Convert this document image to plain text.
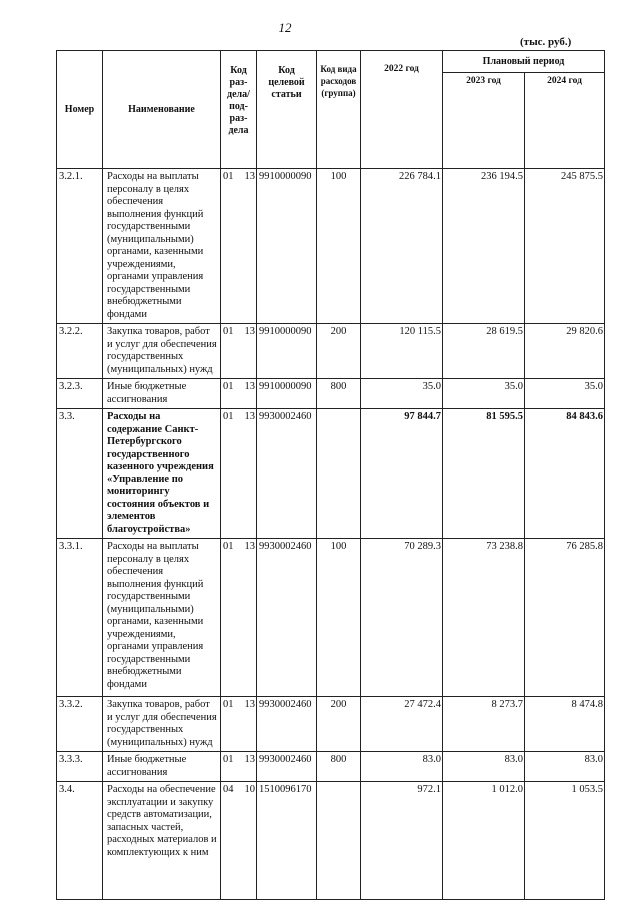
12
(тыс. руб.)
Номер	Наименование	Код раз-дела/ под-раз-дела	Код целевой статьи	Код вида расходов (группа)	2022 год	Плановый период	
						2023 год	2024 год
3.2.1.	Расходы на выплаты персоналу в целях обеспечения выполнения функций государственными (муниципальными) органами, казенными учреждениями, органами управления государственными внебюджетными фондами	01 13	9910000090	100	226 784.1	236 194.5	245 875.5
3.2.2.	Закупка товаров, работ и услуг для обеспечения государственных (муниципальных) нужд	01 13	9910000090	200	120 115.5	28 619.5	29 820.6
3.2.3.	Иные бюджетные ассигнования	01 13	9910000090	800	35.0	35.0	35.0
3.3.	Расходы на содержание Санкт-Петербургского государственного казенного учреждения «Управление по мониторингу состояния объектов и элементов благоустройства»	01 13	9930002460		97 844.7	81 595.5	84 843.6
3.3.1.	Расходы на выплаты персоналу в целях обеспечения выполнения функций государственными (муниципальными) органами, казенными учреждениями, органами управления государственными внебюджетными фондами	01 13	9930002460	100	70 289.3	73 238.8	76 285.8
3.3.2.	Закупка товаров, работ и услуг для обеспечения государственных (муниципальных) нужд	01 13	9930002460	200	27 472.4	8 273.7	8 474.8
3.3.3.	Иные бюджетные ассигнования	01 13	9930002460	800	83.0	83.0	83.0
3.4.	Расходы на обеспечение эксплуатации и закупку средств автоматизации, запасных частей, расходных материалов и комплектующих к ним	04 10	1510096170		972.1	1 012.0	1 053.5
